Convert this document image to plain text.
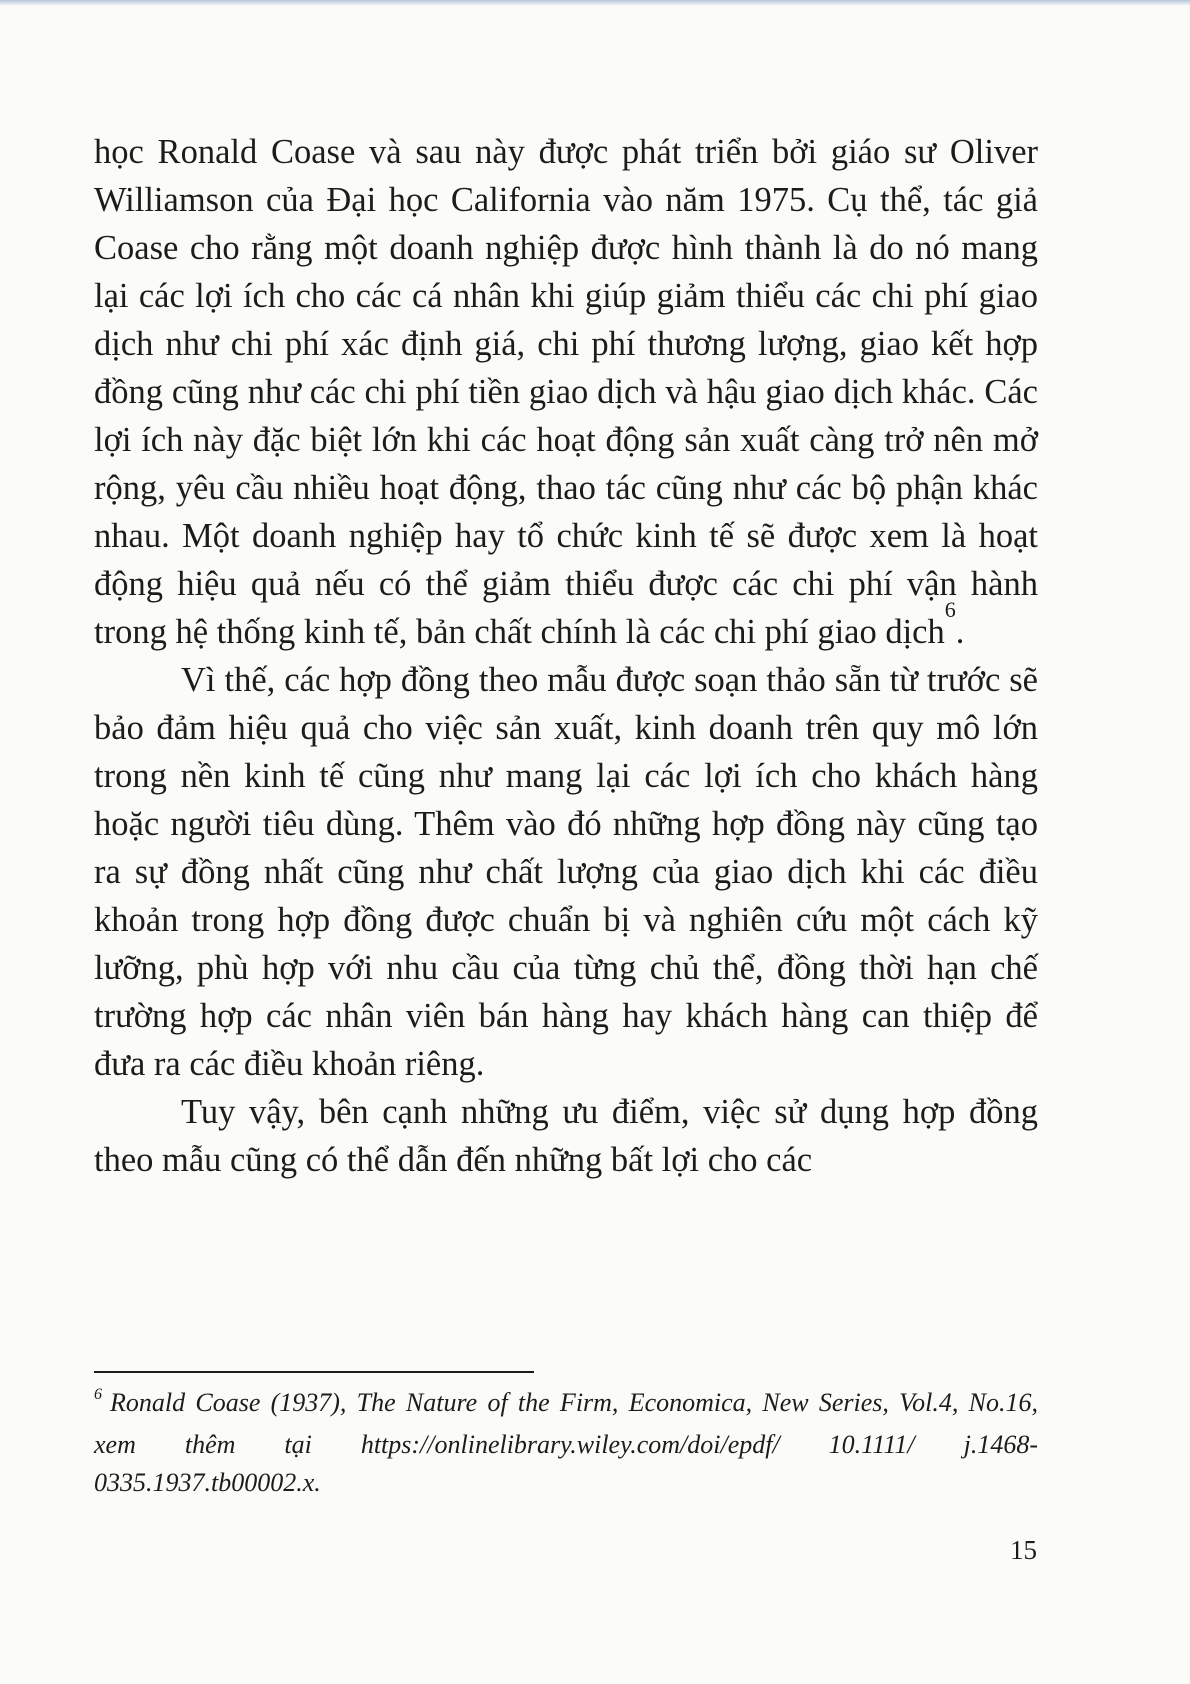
học Ronald Coase và sau này được phát triển bởi giáo sư Oliver Williamson của Đại học California vào năm 1975. Cụ thể, tác giả Coase cho rằng một doanh nghiệp được hình thành là do nó mang lại các lợi ích cho các cá nhân khi giúp giảm thiểu các chi phí giao dịch như chi phí xác định giá, chi phí thương lượng, giao kết hợp đồng cũng như các chi phí tiền giao dịch và hậu giao dịch khác. Các lợi ích này đặc biệt lớn khi các hoạt động sản xuất càng trở nên mở rộng, yêu cầu nhiều hoạt động, thao tác cũng như các bộ phận khác nhau. Một doanh nghiệp hay tổ chức kinh tế sẽ được xem là hoạt động hiệu quả nếu có thể giảm thiểu được các chi phí vận hành trong hệ thống kinh tế, bản chất chính là các chi phí giao dịch$^6$.

Vì thế, các hợp đồng theo mẫu được soạn thảo sẵn từ trước sẽ bảo đảm hiệu quả cho việc sản xuất, kinh doanh trên quy mô lớn trong nền kinh tế cũng như mang lại các lợi ích cho khách hàng hoặc người tiêu dùng. Thêm vào đó những hợp đồng này cũng tạo ra sự đồng nhất cũng như chất lượng của giao dịch khi các điều khoản trong hợp đồng được chuẩn bị và nghiên cứu một cách kỹ lưỡng, phù hợp với nhu cầu của từng chủ thể, đồng thời hạn chế trường hợp các nhân viên bán hàng hay khách hàng can thiệp để đưa ra các điều khoản riêng.

Tuy vậy, bên cạnh những ưu điểm, việc sử dụng hợp đồng theo mẫu cũng có thể dẫn đến những bất lợi cho các

$^6$ Ronald Coase (1937), The Nature of the Firm, Economica, New Series, Vol.4, No.16, xem thêm tại https://onlinelibrary.wiley.com/doi/epdf/ 10.1111/ j.1468-0335.1937.tb00002.x.

15
